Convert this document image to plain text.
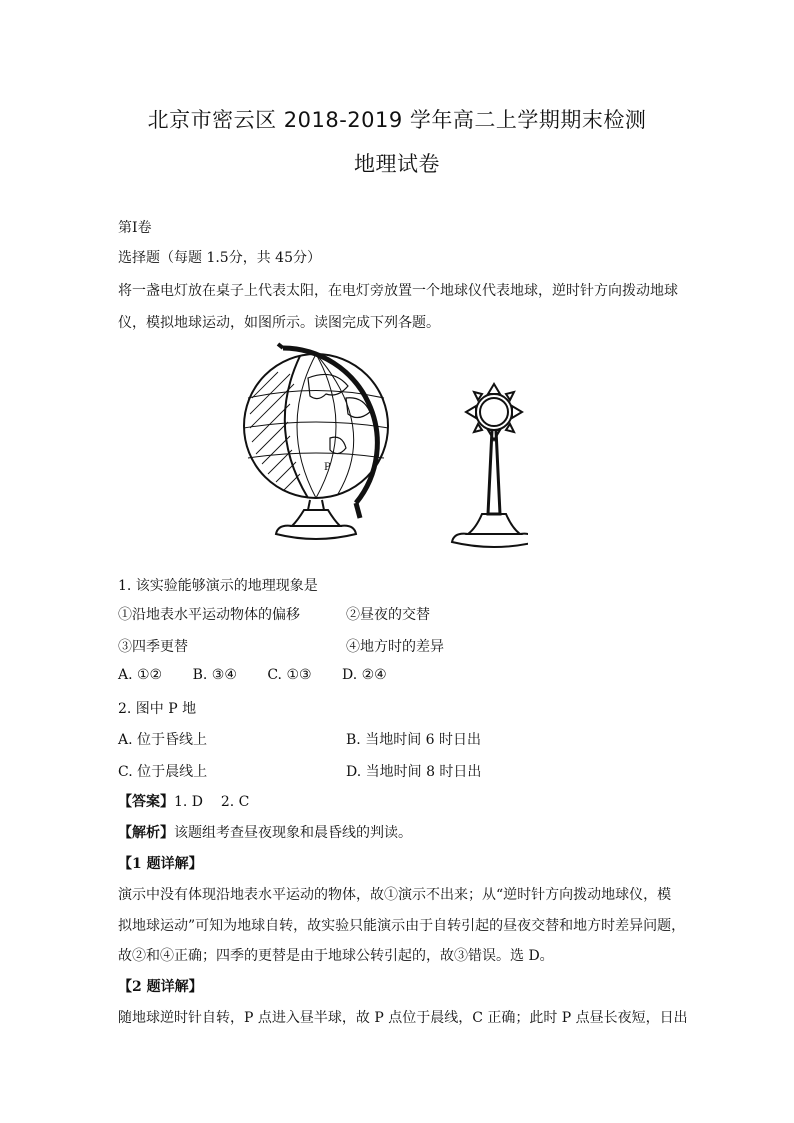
北京市密云区 2018-2019 学年高二上学期期末检测
地理试卷
第Ⅰ卷
选择题（每题 1.5分，共 45分）
将一盏电灯放在桌子上代表太阳，在电灯旁放置一个地球仪代表地球，逆时针方向拨动地球
仪，模拟地球运动，如图所示。读图完成下列各题。
P
1. 该实验能够演示的地理现象是
①沿地表水平运动物体的偏移	②昼夜的交替
③四季更替	④地方时的差异
A. ①② B. ③④ C. ①③ D. ②④
2. 图中 P 地
A. 位于昏线上	B. 当地时间 6 时日出
C. 位于晨线上	D. 当地时间 8 时日出
【答案】1. D    2. C
【解析】该题组考查昼夜现象和晨昏线的判读。
【1 题详解】
演示中没有体现沿地表水平运动的物体，故①演示不出来；从“逆时针方向拨动地球仪，模
拟地球运动”可知为地球自转，故实验只能演示由于自转引起的昼夜交替和地方时差异问题，
故②和④正确；四季的更替是由于地球公转引起的，故③错误。选 D。
【2 题详解】
随地球逆时针自转，P 点进入昼半球，故 P 点位于晨线，C 正确；此时 P 点昼长夜短，日出
